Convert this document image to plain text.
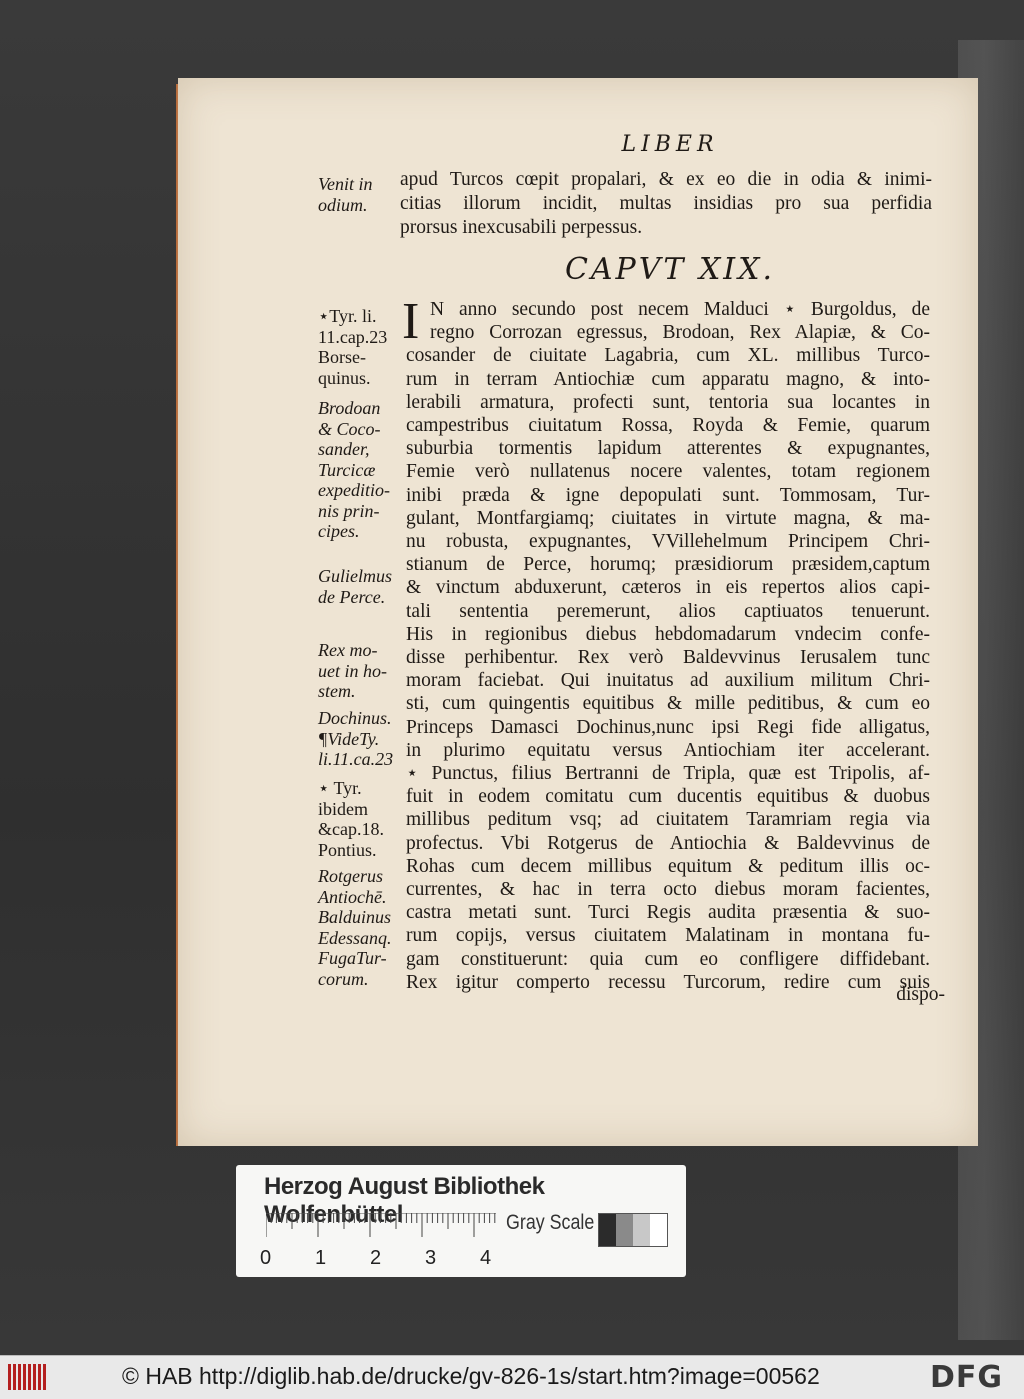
LIBER
apud Turcos cœpit propalari, & ex eo die in odia & inimi-
citias illorum incidit, multas insidias pro sua perfidia
prorsus inexcusabili perpessus.
CAPVT XIX.
I N anno secundo post necem Malduci ⋆ Burgoldus, de
regno Corrozan egressus, Brodoan, Rex Alapiæ, & Co-
cosander de ciuitate Lagabria, cum XL. millibus Turco-
rum in terram Antiochiæ cum apparatu magno, & into-
lerabili armatura, profecti sunt, tentoria sua locantes in
campestribus ciuitatum Rossa, Royda & Femie, quarum
suburbia tormentis lapidum atterentes & expugnantes,
Femie verò nullatenus nocere valentes, totam regionem
inibi præda & igne depopulati sunt. Tommosam, Tur-
gulant, Montfargiamq; ciuitates in virtute magna, & ma-
nu robusta, expugnantes, VVillehelmum Principem Chri-
stianum de Perce, horumq; præsidiorum præsidem,captum
& vinctum abduxerunt, cæteros in eis repertos alios capi-
tali sententia peremerunt, alios captiuatos tenuerunt.
His in regionibus diebus hebdomadarum vndecim confe-
disse perhibentur. Rex verò Baldevvinus Ierusalem tunc
moram faciebat. Qui inuitatus ad auxilium militum Chri-
sti, cum quingentis equitibus & mille peditibus, & cum eo
Princeps Damasci Dochinus,nunc ipsi Regi fide alligatus,
in plurimo equitatu versus Antiochiam iter accelerant.
⋆ Punctus, filius Bertranni de Tripla, quæ est Tripolis, af-
fuit in eodem comitatu cum ducentis equitibus & duobus
millibus peditum vsq; ad ciuitatem Taramriam regia via
profectus. Vbi Rotgerus de Antiochia & Baldevvinus de
Rohas cum decem millibus equitum & peditum illis oc-
currentes, & hac in terra octo diebus moram facientes,
castra metati sunt. Turci Regis audita præsentia & suo-
rum copijs, versus ciuitatem Malatinam in montana fu-
gam constituerunt: quia cum eo confligere diffidebant.
Rex igitur comperto recessu Turcorum, redire cum suis
dispo-
Venit in
odium.
⋆Tyr. li.
11.cap.23
Borse-
quinus.
Brodoan
& Coco-
sander,
Turcicæ
expeditio-
nis prin-
cipes.
Gulielmus
de Perce.
Rex mo-
uet in ho-
stem.
Dochinus.
¶VideTy.
li.11.ca.23
⋆ Tyr.
ibidem
&cap.18.
Pontius.
Rotgerus
Antiochē.
Balduinus
Edessanq.
FugaTur-
corum.
Herzog August Bibliothek Wolfenbüttel
0 1 2 3 4
Gray Scale
© HAB http://diglib.hab.de/drucke/gv-826-1s/start.htm?image=00562	DFG
